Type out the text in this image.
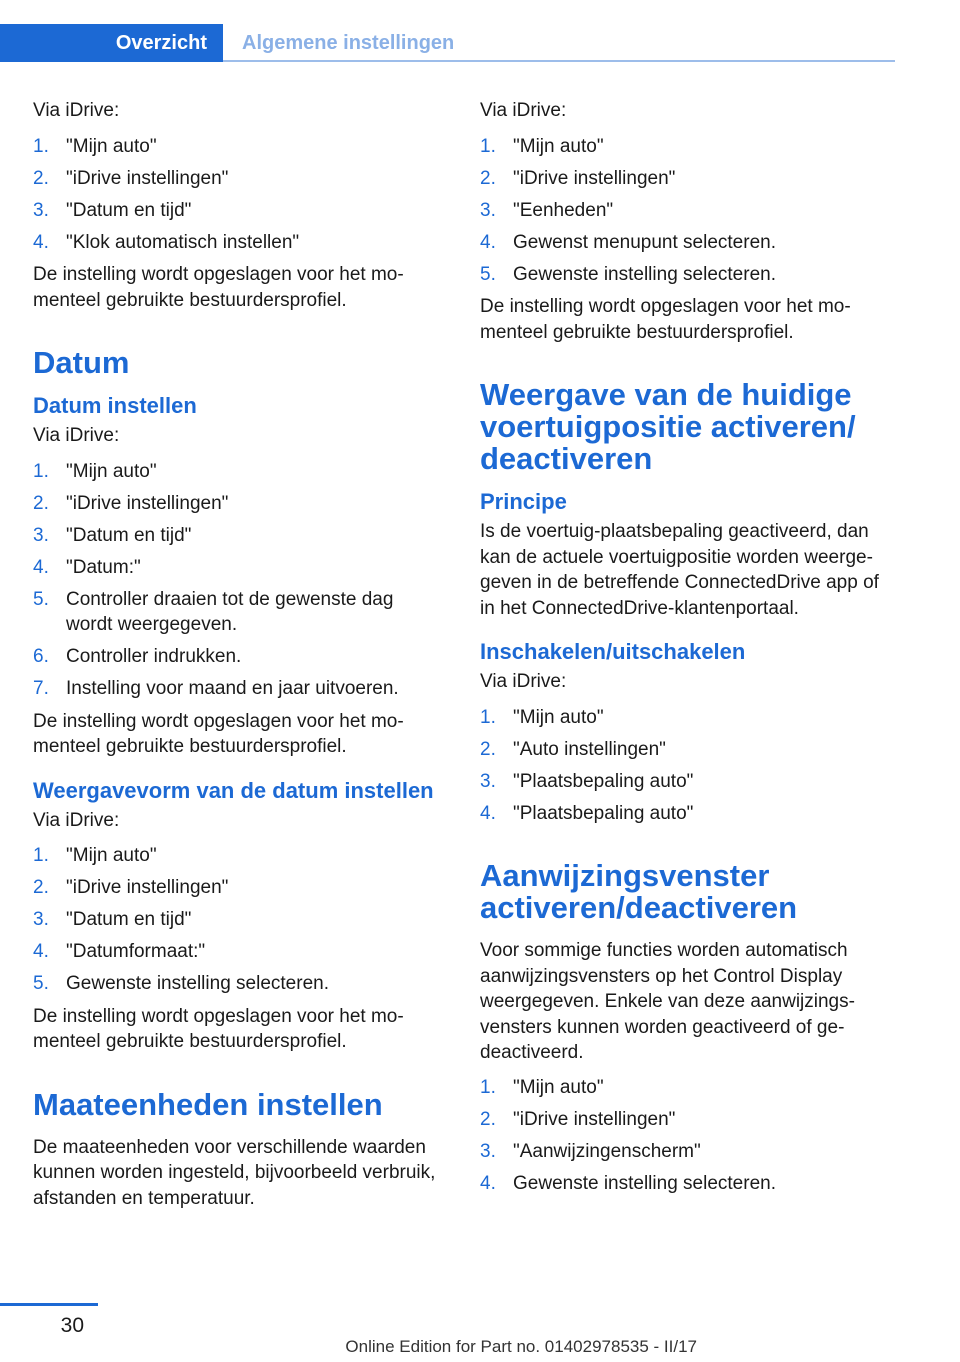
Overzicht	Algemene instellingen

Via iDrive:

1. "Mijn auto"
2. "iDrive instellingen"
3. "Datum en tijd"
4. "Klok automatisch instellen"

De instelling wordt opgeslagen voor het momenteel gebruikte bestuurdersprofiel.

Datum
Datum instellen

Via iDrive:

1. "Mijn auto"
2. "iDrive instellingen"
3. "Datum en tijd"
4. "Datum:"
5. Controller draaien tot de gewenste dag wordt weergegeven.
6. Controller indrukken.
7. Instelling voor maand en jaar uitvoeren.

De instelling wordt opgeslagen voor het momenteel gebruikte bestuurdersprofiel.

Weergavevorm van de datum instellen

Via iDrive:

1. "Mijn auto"
2. "iDrive instellingen"
3. "Datum en tijd"
4. "Datumformaat:"
5. Gewenste instelling selecteren.

De instelling wordt opgeslagen voor het momenteel gebruikte bestuurdersprofiel.

Maateenheden instellen

De maateenheden voor verschillende waarden kunnen worden ingesteld, bijvoorbeeld verbruik, afstanden en temperatuur.

Via iDrive:

1. "Mijn auto"
2. "iDrive instellingen"
3. "Eenheden"
4. Gewenst menupunt selecteren.
5. Gewenste instelling selecteren.

De instelling wordt opgeslagen voor het momenteel gebruikte bestuurdersprofiel.

Weergave van de huidige voertuigpositie activeren/ deactiveren
Principe

Is de voertuig-plaatsbepaling geactiveerd, dan kan de actuele voertuigpositie worden weergegeven in de betreffende ConnectedDrive app of in het ConnectedDrive-klantenportaal.

Inschakelen/uitschakelen

Via iDrive:

1. "Mijn auto"
2. "Auto instellingen"
3. "Plaatsbepaling auto"
4. "Plaatsbepaling auto"
Aanwijzingsvenster activeren/deactiveren

Voor sommige functies worden automatisch aanwijzingsvensters op het Control Display weergegeven. Enkele van deze aanwijzingsvensters kunnen worden geactiveerd of gedeactiveerd.

1. "Mijn auto"
2. "iDrive instellingen"
3. "Aanwijzingenscherm"
4. Gewenste instelling selecteren.
30
Online Edition for Part no. 01402978535 - II/17
